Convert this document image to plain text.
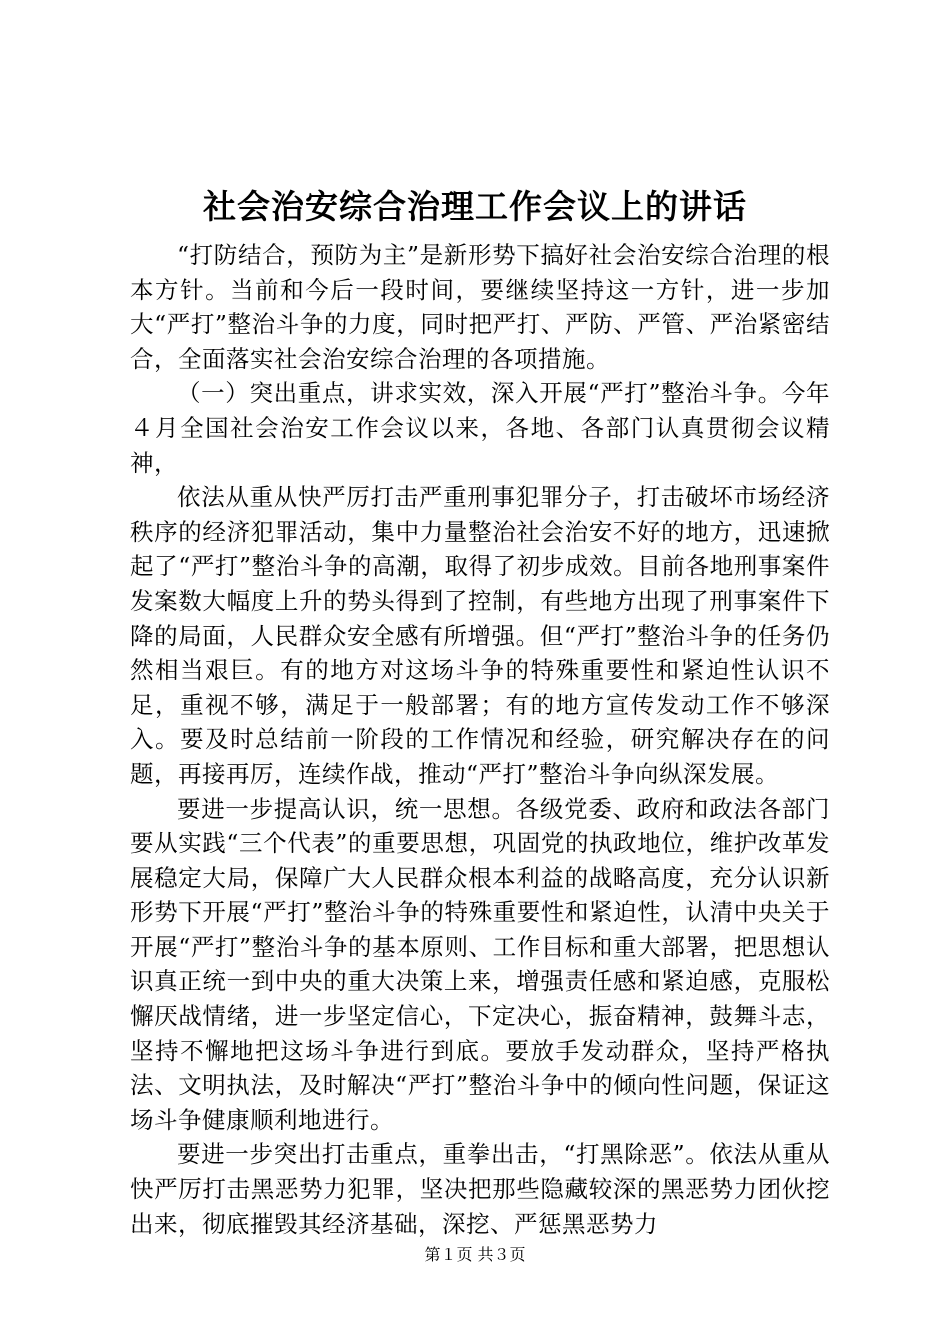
社会治安综合治理工作会议上的讲话

“打防结合，预防为主”是新形势下搞好社会治安综合治理的根本方针。当前和今后一段时间，要继续坚持这一方针，进一步加大“严打”整治斗争的力度，同时把严打、严防、严管、严治紧密结合，全面落实社会治安综合治理的各项措施。

（一）突出重点，讲求实效，深入开展“严打”整治斗争。今年４月全国社会治安工作会议以来，各地、各部门认真贯彻会议精神，

依法从重从快严厉打击严重刑事犯罪分子，打击破坏市场经济秩序的经济犯罪活动，集中力量整治社会治安不好的地方，迅速掀起了“严打”整治斗争的高潮，取得了初步成效。目前各地刑事案件发案数大幅度上升的势头得到了控制，有些地方出现了刑事案件下降的局面，人民群众安全感有所增强。但“严打”整治斗争的任务仍然相当艰巨。有的地方对这场斗争的特殊重要性和紧迫性认识不足，重视不够，满足于一般部署；有的地方宣传发动工作不够深入。要及时总结前一阶段的工作情况和经验，研究解决存在的问题，再接再厉，连续作战，推动“严打”整治斗争向纵深发展。

要进一步提高认识，统一思想。各级党委、政府和政法各部门要从实践“三个代表”的重要思想，巩固党的执政地位，维护改革发展稳定大局，保障广大人民群众根本利益的战略高度，充分认识新形势下开展“严打”整治斗争的特殊重要性和紧迫性，认清中央关于开展“严打”整治斗争的基本原则、工作目标和重大部署，把思想认识真正统一到中央的重大决策上来，增强责任感和紧迫感，克服松懈厌战情绪，进一步坚定信心，下定决心，振奋精神，鼓舞斗志，坚持不懈地把这场斗争进行到底。要放手发动群众，坚持严格执法、文明执法，及时解决“严打”整治斗争中的倾向性问题，保证这场斗争健康顺利地进行。

要进一步突出打击重点，重拳出击，“打黑除恶”。依法从重从快严厉打击黑恶势力犯罪，坚决把那些隐藏较深的黑恶势力团伙挖出来，彻底摧毁其经济基础，深挖、严惩黑恶势力

第１页 共３页
